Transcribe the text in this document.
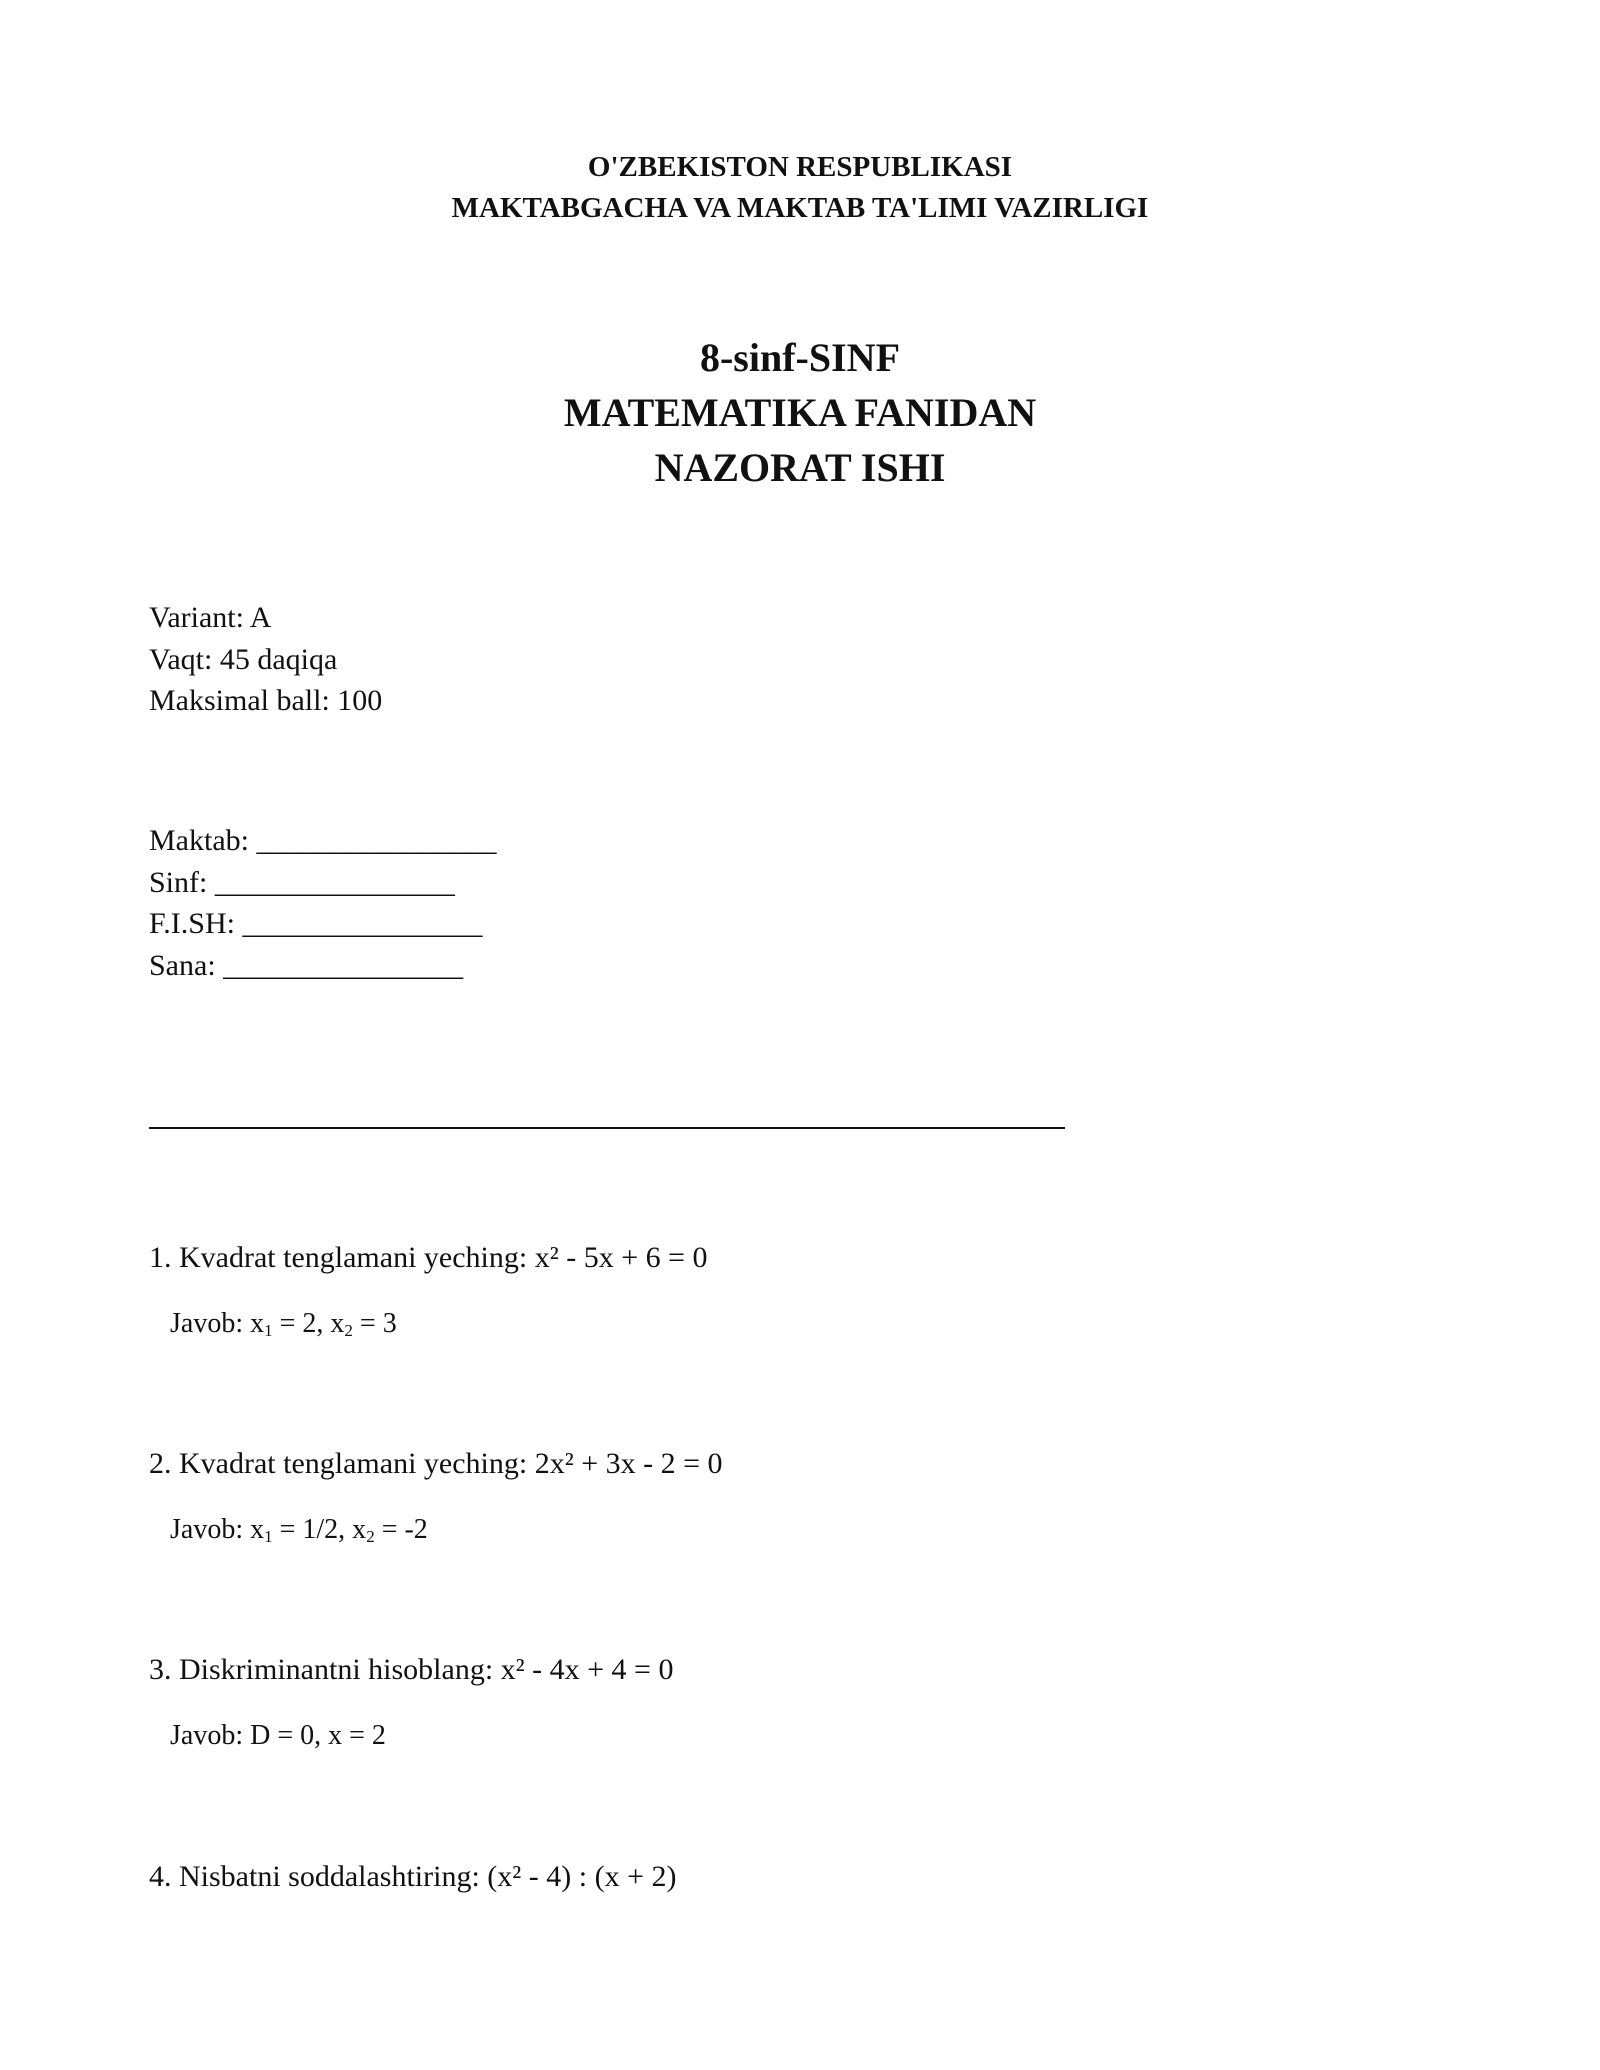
O'ZBEKISTON RESPUBLIKASI
MAKTABGACHA VA MAKTAB TA'LIMI VAZIRLIGI
8-sinf-SINF
MATEMATIKA FANIDAN
NAZORAT ISHI
Variant: A
Vaqt: 45 daqiqa
Maksimal ball: 100
Maktab: ________________
Sinf: ________________
F.I.SH: ________________
Sana: ________________
1. Kvadrat tenglamani yeching: x² - 5x + 6 = 0
Javob: $x_1 = 2$, $x_2 = 3$
2. Kvadrat tenglamani yeching: 2x² + 3x - 2 = 0
Javob: $x_1 = 1/2$, $x_2 = -2$
3. Diskriminantni hisoblang: x² - 4x + 4 = 0
Javob: D = 0, x = 2
4. Nisbatni soddalashtiring: (x² - 4) : (x + 2)
